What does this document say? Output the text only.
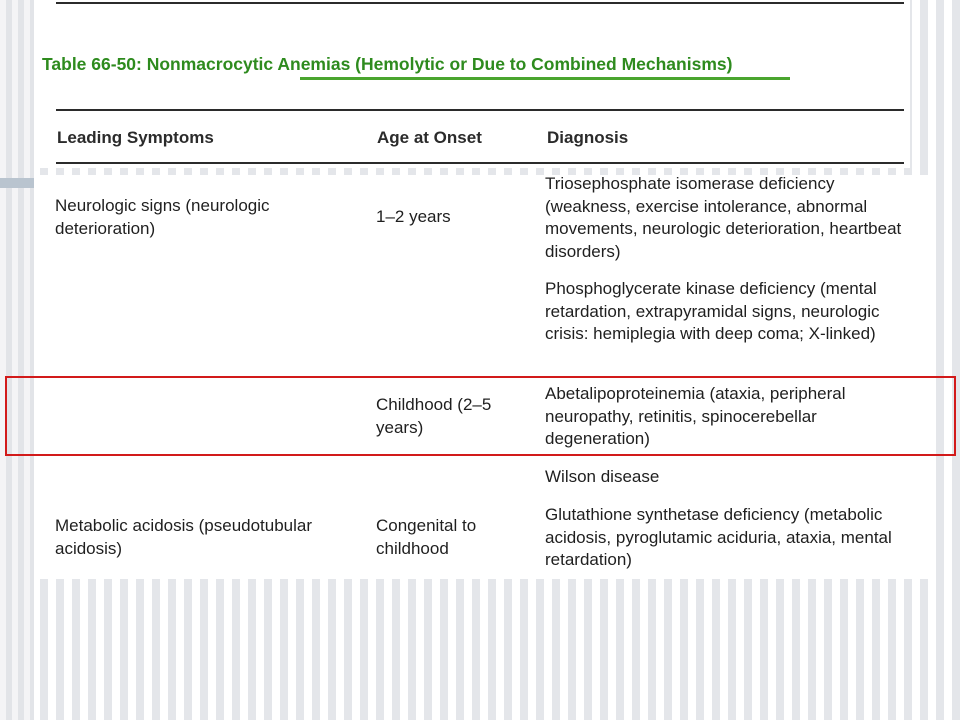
Table 66-50: Nonmacrocytic Anemias (Hemolytic or Due to Combined Mechanisms)
Leading Symptoms	Age at Onset	Diagnosis
Neurologic signs (neurologic deterioration)
1–2 years
Triosephosphate isomerase deficiency (weakness, exercise intolerance, abnormal movements, neurologic deterioration, heartbeat disorders)
Phosphoglycerate kinase deficiency (mental retardation, extrapyramidal signs, neurologic crisis: hemiplegia with deep coma; X-linked)
Childhood (2–5 years)
Abetalipoproteinemia (ataxia, peripheral neuropathy, retinitis, spinocerebellar degeneration)
Metabolic acidosis (pseudotubular acidosis)
Congenital to childhood
Wilson disease
Glutathione synthetase deficiency (metabolic acidosis, pyroglutamic aciduria, ataxia, mental retardation)
